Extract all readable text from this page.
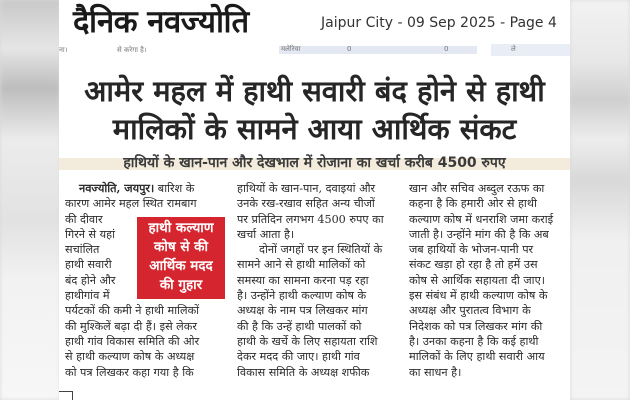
दैनिक नवज्योति	Jaipur City - 09 Sep 2025 - Page 4
ना।	से करेगा है।	मलेरिया	0	0	ले
आमेर महल में हाथी सवारी बंद होने से हाथी
मालिकों के सामने आया आर्थिक संकट
हाथियों के खान-पान और देखभाल में रोजाना का खर्चा करीब 4500 रुपए

नवज्योति, जयपुर। बारिश के

कारण आमेर महल स्थित रामबाग

की दीवार

गिरने से यहां

सचांलित

हाथी सवारी

बंद होने और

हाथीगांव में

पर्यटकों की कमी ने हाथी मालिकों

की मुश्किलें बढ़ा दी हैं। इसे लेकर

हाथी गांव विकास समिति की ओर

से हाथी कल्याण कोष के अध्यक्ष

को पत्र लिखकर कहा गया है कि

हाथी कल्याण
कोष से की
आर्थिक मदद
की गुहार

हाथियों के खान-पान, दवाइयां और

उनके रख-रखाव सहित अन्य चीजों

पर प्रतिदिन लगभग 4500 रुपए का

खर्चा आता है।

दोनों जगहों पर इन स्थितियों के

सामने आने से हाथी मालिकों को

समस्या का सामना करना पड़ रहा

है। उन्होंने हाथी कल्याण कोष के

अध्यक्ष के नाम पत्र लिखकर मांग

की है कि उन्हें हाथी पालकों को

हाथी के खर्चे के लिए सहायता राशि

देकर मदद की जाए। हाथी गांव

विकास समिति के अध्यक्ष शफीक

खान और सचिव अब्दुल रऊफ का

कहना है कि हमारी ओर से हाथी

कल्याण कोष में धनराशि जमा कराई

जाती है। उन्होंने मांग की है कि अब

जब हाथियों के भोजन-पानी पर

संकट खड़ा हो रहा है तो हमें उस

कोष से आर्थिक सहायता दी जाए।

इस संबंध में हाथी कल्याण कोष के

अध्यक्ष और पुरातत्व विभाग के

निदेशक को पत्र लिखकर मांग की

है। उनका कहना है कि कई हाथी

मालिकों के लिए हाथी सवारी आय

का साधन है।
